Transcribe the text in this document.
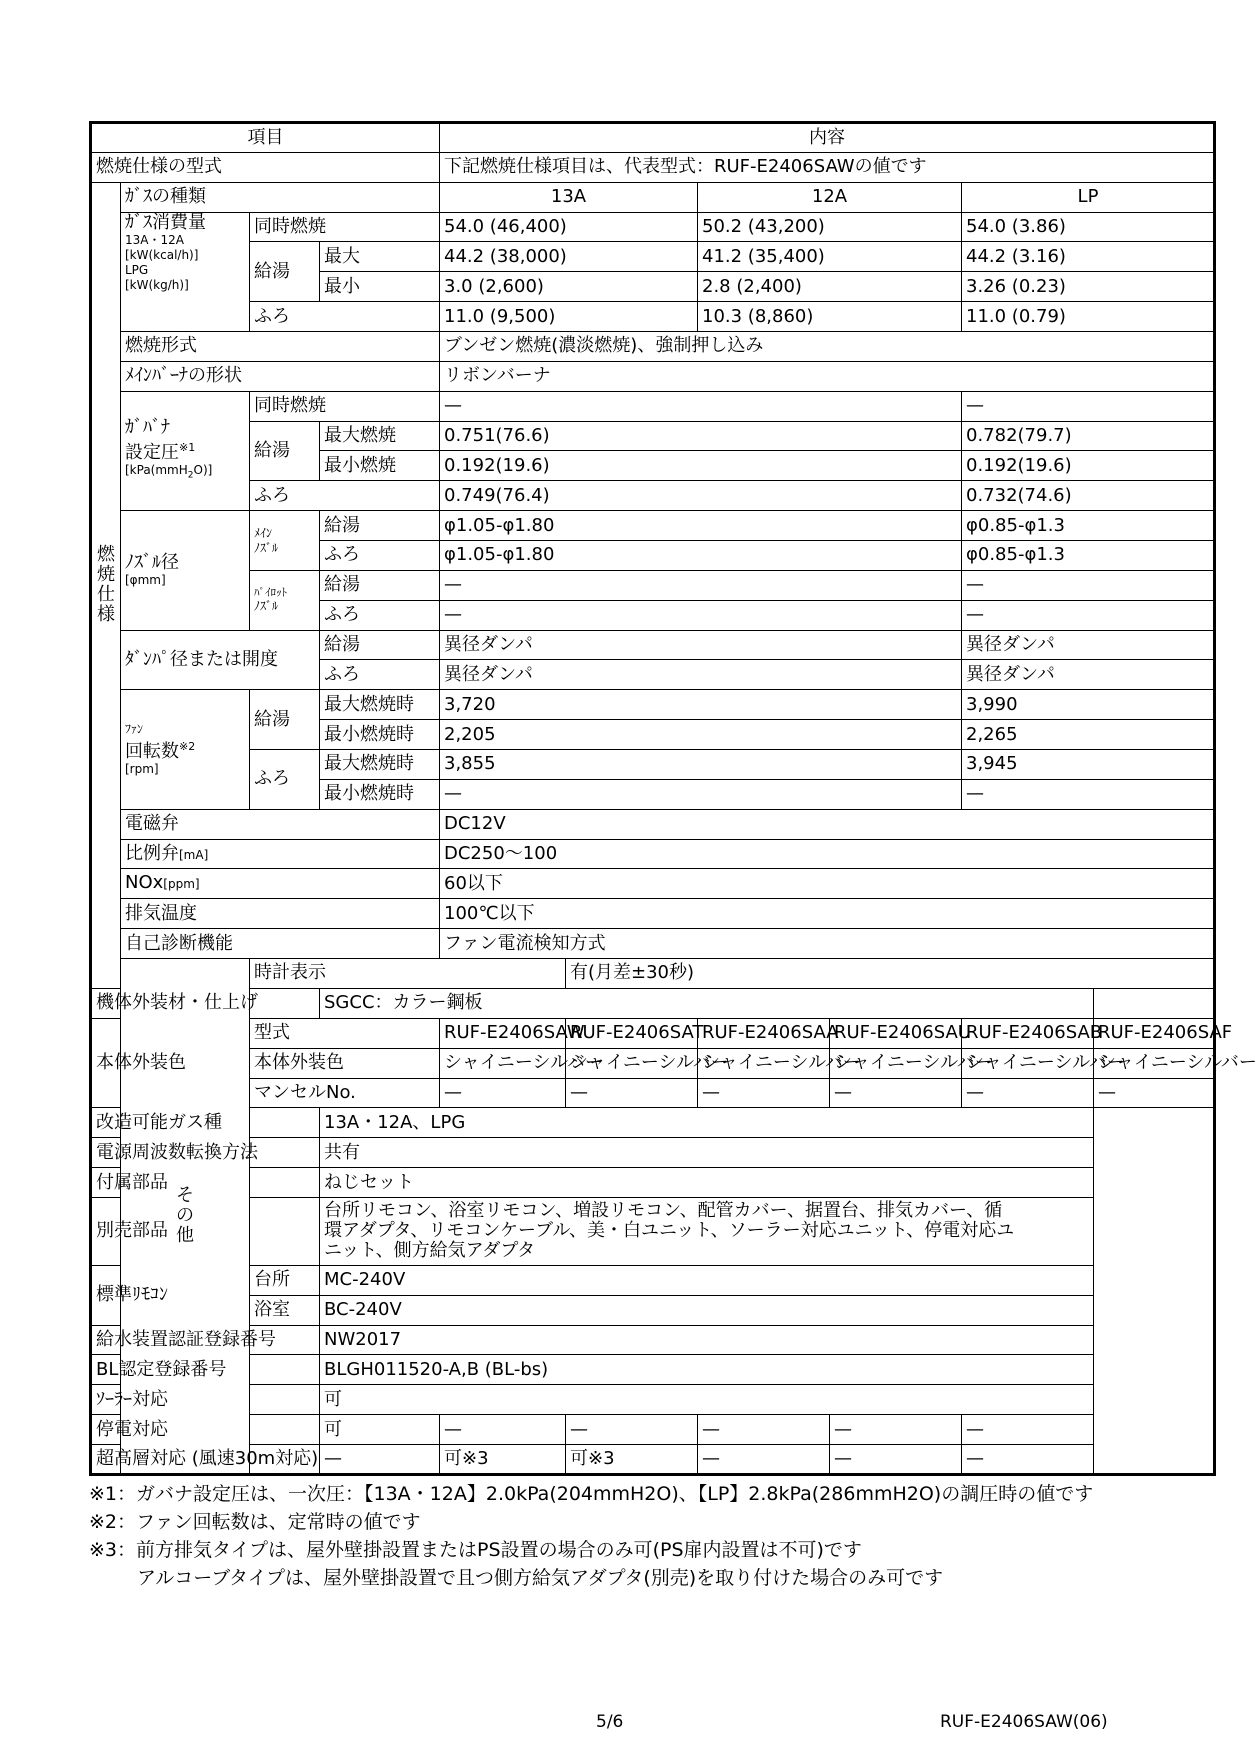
項目				内容					
燃焼仕様の型式				下記燃焼仕様項目は、代表型式：RUF-E2406SAWの値です					

燃
焼
仕
様	ｶﾞｽの種類			13A		12A		LP	

	ｶﾞｽ消費量
13A・12A
[kW(kcal/h)]
LPG
[kW(kg/h)]	同時燃焼		54.0 (46,400)		50.2 (43,200)		54.0 (3.86)	
		給湯	最大	44.2 (38,000)		41.2 (35,400)		44.2 (3.16)	
			最小	3.0 (2,600)		2.8 (2,400)		3.26 (0.23)	
		ふろ		11.0 (9,500)		10.3 (8,860)		11.0 (0.79)	
	燃焼形式			ブンゼン燃焼(濃淡燃焼)、強制押し込み					
	ﾒｲﾝﾊﾞｰﾅの形状			リボンバーナ					

	ｶﾞﾊﾞﾅ
設定圧$^{※1}$
[kPa(mmH$_2$O)]	同時燃焼		—				—	
		給湯	最大燃焼	0.751(76.6)				0.782(79.7)	
			最小燃焼	0.192(19.6)				0.192(19.6)	
		ふろ		0.749(76.4)				0.732(74.6)	

	ﾉｽﾞﾙ径
[φmm]	ﾒｲﾝ
ﾉｽﾞﾙ	給湯	φ1.05-φ1.80				φ0.85-φ1.3	
			ふろ	φ1.05-φ1.80				φ0.85-φ1.3	

		ﾊﾟｲﾛｯﾄ
ﾉｽﾞﾙ	給湯	—				—	
			ふろ	—				—	
	ﾀﾞﾝﾊﾟ径または開度		給湯	異径ダンパ				異径ダンパ	
			ふろ	異径ダンパ				異径ダンパ	

	ﾌｧﾝ
回転数$^{※2}$
[rpm]	給湯	最大燃焼時	3,720				3,990	
			最小燃焼時	2,205				2,265	
		ふろ	最大燃焼時	3,855				3,945	
			最小燃焼時	—				—	
	電磁弁			DC12V					
	比例弁[mA]			DC250～100					
	NOx[ppm]			60以下					
	排気温度			100℃以下					
	自己診断機能			ファン電流検知方式					

	そ
の
他	時計表示			有(月差±30秒)				
機体外装材・仕上げ			SGCC：カラー鋼板						
本体外装色		型式		RUF-E2406SAW	RUF-E2406SAT	RUF-E2406SAA	RUF-E2406SAU	RUF-E2406SAB	RUF-E2406SAF
		本体外装色		シャイニーシルバー	シャイニーシルバー	シャイニーシルバー	シャイニーシルバー	シャイニーシルバー	シャイニーシルバー
		マンセルNo.		—	—	—	—	—	—
改造可能ガス種			13A・12A、LPG						
電源周波数転換方法			共有						
付属部品			ねじセット						
別売部品			台所リモコン、浴室リモコン、増設リモコン、配管カバー、据置台、排気カバー、循
環アダプタ、リモコンケーブル、美・白ユニット、ソーラー対応ユニット、停電対応ユ
ニット、側方給気アダプタ						

標準ﾘﾓｺﾝ		台所	MC-240V						
		浴室	BC-240V						
給水装置認証登録番号			NW2017						
BL認定登録番号			BLGH011520-A,B (BL-bs)						
ｿｰﾗｰ対応			可						
停電対応			可	—	—	—	—	—	
超高層対応 (風速30m対応)			—	可※3	可※3	—	—	—	
※1：ガバナ設定圧は、一次圧：【13A・12A】2.0kPa(204mmH2O)、【LP】2.8kPa(286mmH2O)の調圧時の値です
※2：ファン回転数は、定常時の値です
※3：前方排気タイプは、屋外壁掛設置またはPS設置の場合のみ可(PS扉内設置は不可)です
アルコーブタイプは、屋外壁掛設置で且つ側方給気アダプタ(別売)を取り付けた場合のみ可です
5/6	RUF-E2406SAW(06)
